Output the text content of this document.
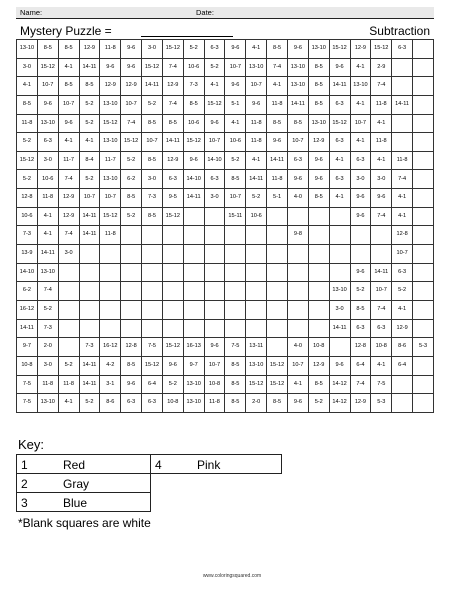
Name:	Date:
Mystery Puzzle =	Subtraction
13-10	8-5	8-5	12-9	11-8	9-6	3-0	15-12	5-2	6-3	9-6	4-1	8-5	9-6	13-10	15-12	12-9	15-12	6-3	
3-0	15-12	4-1	14-11	9-6	9-6	15-12	7-4	10-6	5-2	10-7	13-10	7-4	13-10	8-5	9-6	4-1	2-9		
4-1	10-7	8-5	8-5	12-9	12-9	14-11	12-9	7-3	4-1	9-6	10-7	4-1	13-10	8-5	14-11	13-10	7-4		
8-5	9-6	10-7	5-2	13-10	10-7	5-2	7-4	8-5	15-12	5-1	9-6	11-8	14-11	8-5	6-3	4-1	11-8	14-11	
11-8	13-10	9-6	5-2	15-12	7-4	8-5	8-5	10-6	9-6	4-1	11-8	8-5	8-5	13-10	15-12	10-7	4-1		
5-2	6-3	4-1	4-1	13-10	15-12	10-7	14-11	15-12	10-7	10-6	11-8	9-6	10-7	12-9	6-3	4-1	11-8		
15-12	3-0	11-7	8-4	11-7	5-2	8-5	12-9	9-6	14-10	5-2	4-1	14-11	6-3	9-6	4-1	6-3	4-1	11-8	
5-2	10-6	7-4	5-2	13-10	6-2	3-0	6-3	14-10	6-3	8-5	14-11	11-8	9-6	9-6	6-3	3-0	3-0	7-4	
12-8	11-8	12-9	10-7	10-7	8-5	7-3	9-5	14-11	3-0	10-7	5-2	5-1	4-0	8-5	4-1	9-6	9-6	4-1	
10-6	4-1	12-9	14-11	15-12	5-2	8-5	15-12			15-11	10-6					9-6	7-4	4-1	
7-3	4-1	7-4	14-11	11-8									9-8					12-8	
13-9	14-11	3-0																10-7	
14-10	13-10															9-6	14-11	6-3	
6-2	7-4														13-10	5-2	10-7	5-2	
16-12	5-2														3-0	8-5	7-4	4-1	
14-11	7-3														14-11	6-3	6-3	12-9	
9-7	2-0		7-3	16-12	12-8	7-5	15-12	16-13	9-6	7-5	13-11		4-0	10-8		12-8	10-8	8-6	5-3
10-8	3-0	5-2	14-11	4-2	8-5	15-12	9-6	9-7	10-7	8-5	13-10	15-12	10-7	12-9	9-6	6-4	4-1	6-4	
7-5	11-8	11-8	14-11	3-1	9-6	6-4	5-2	13-10	10-8	8-5	15-12	15-12	4-1	8-5	14-12	7-4	7-5		
7-5	13-10	4-1	5-2	8-6	6-3	6-3	10-8	13-10	11-8	8-5	2-0	8-5	9-6	5-2	14-12	12-9	5-3		
Key:
1	Red	4	Pink
2	Gray
3	Blue
*Blank squares are white
www.coloringsquared.com
